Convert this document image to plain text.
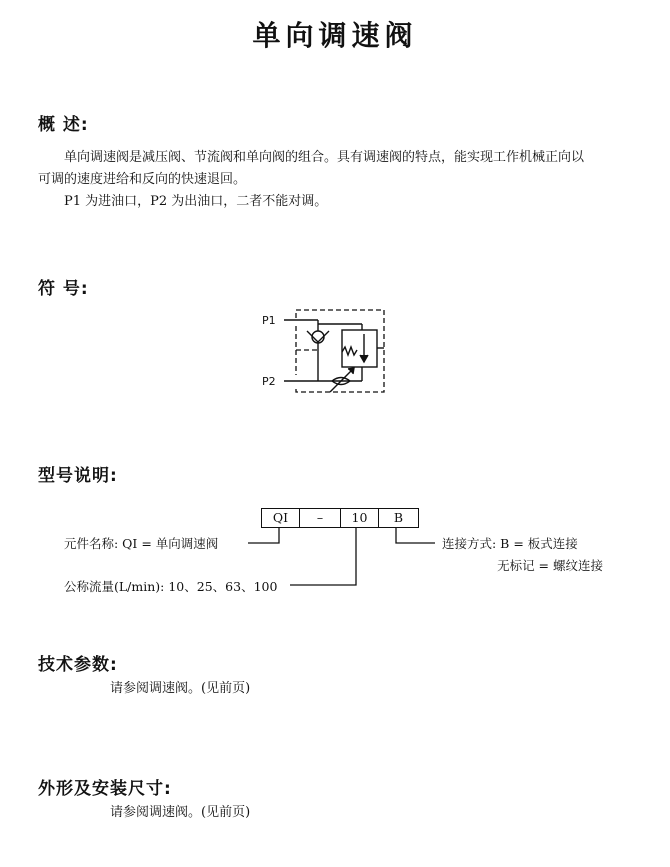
单向调速阀
概 述:
单向调速阀是减压阀、节流阀和单向阀的组合。具有调速阀的特点，能实现工作机械正向以
可调的速度进给和反向的快速退回。
P1 为进油口，P2 为出油口，二者不能对调。
符 号:
P1
P2
型号说明:
QI	–	10	B
元件名称: QI = 单向调速阀
公称流量(L/min): 10、25、63、100
连接方式: B = 板式连接
无标记 = 螺纹连接
技术参数:
请参阅调速阀。(见前页)
外形及安装尺寸:
请参阅调速阀。(见前页)
